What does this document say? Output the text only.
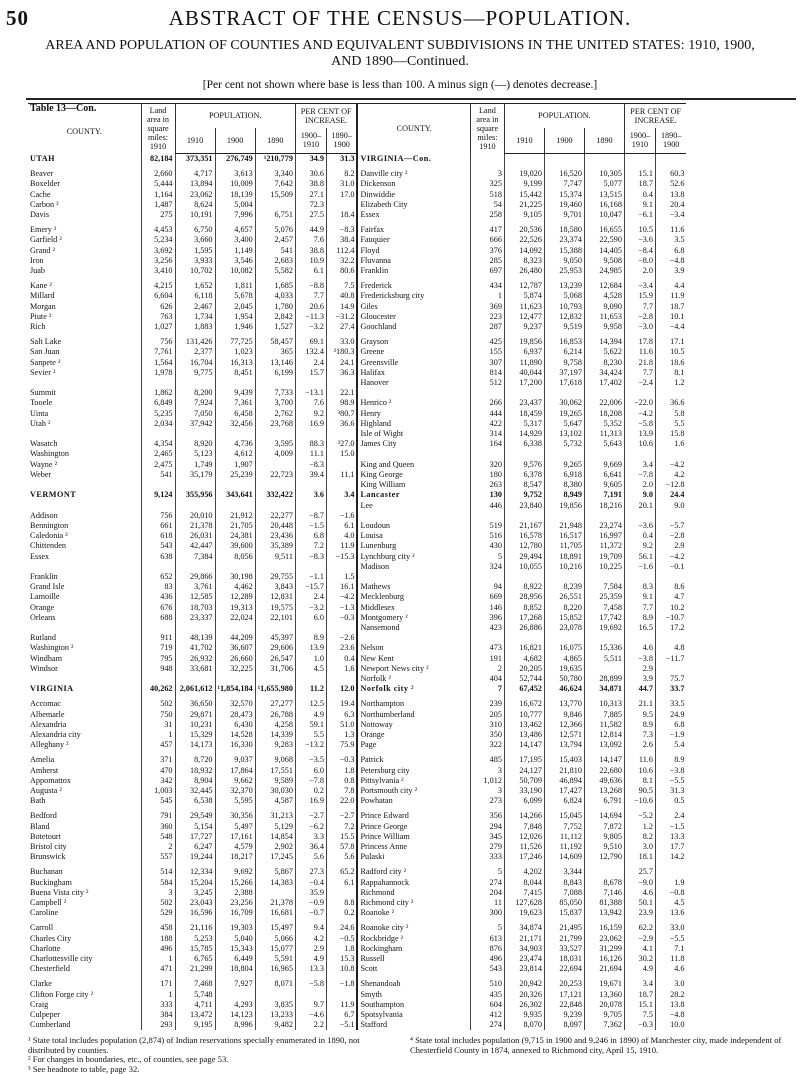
50	ABSTRACT OF THE CENSUS—POPULATION.
AREA AND POPULATION OF COUNTIES AND EQUIVALENT SUBDIVISIONS IN THE UNITED STATES: 1910, 1900,
AND 1890—Continued.
[Per cent not shown where base is less than 100. A minus sign (—) denotes decrease.]
Table 13—Con.
COUNTY.	Land area in square miles: 1910	POPULATION.			PER CENT OF INCREASE.		COUNTY.	Land area in square miles: 1910	POPULATION.			PER CENT OF INCREASE.	
		1910	1900	1890	1900–1910	1890–1900			1910	1900	1890	1900–1910	1890–1900
UTAH	82,184	373,351	276,749	¹210,779	34.9	31.3	VIRGINIA—Con.						

Beaver	2,660	4,717	3,613	3,340	30.6	8.2	Danville city ²	3	19,020	16,520	10,305	15.1	60.3
Boxelder	5,444	13,894	10,009	7,642	38.8	31.0	Dickenson	325	9,199	7,747	5,077	18.7	52.6
Cache	1,164	23,062	18,139	15,509	27.1	17.0	Dinwiddie	518	15,442	15,374	13,515	0.4	13.8
Carbon ²	1,487	8,624	5,004		72.3		Elizabeth City	54	21,225	19,460	16,168	9.1	20.4
Davis	275	10,191	7,996	6,751	27.5	18.4	Essex	258	9,105	9,701	10,047	−6.1	−3.4

Emery ²	4,453	6,750	4,657	5,076	44.9	−8.3	Fairfax	417	20,536	18,580	16,655	10.5	11.6
Garfield ²	5,234	3,660	3,400	2,457	7.6	38.4	Fauquier	666	22,526	23,374	22,590	−3.6	3.5
Grand ²	3,692	1,595	1,149	541	38.8	112.4	Floyd	376	14,092	15,388	14,405	−8.4	6.8
Iron	3,256	3,933	3,546	2,683	10.9	32.2	Fluvanna	285	8,323	9,050	9,508	−8.0	−4.8
Juab	3,410	10,702	10,082	5,582	6.1	80.6	Franklin	697	26,480	25,953	24,985	2.0	3.9

Kane ²	4,215	1,652	1,811	1,685	−8.8	7.5	Frederick	434	12,787	13,239	12,684	−3.4	4.4
Millard	6,604	6,118	5,678	4,033	7.7	40.8	Fredericksburg city	1	5,874	5,068	4,528	15.9	11.9
Morgan	626	2,467	2,045	1,780	20.6	14.9	Giles	369	11,623	10,793	9,090	7.7	18.7
Piute ²	763	1,734	1,954	2,842	−11.3	−31.2	Gloucester	223	12,477	12,832	11,653	−2.8	10.1
Rich	1,027	1,883	1,946	1,527	−3.2	27.4	Goochland	287	9,237	9,519	9,958	−3.0	−4.4

Salt Lake	756	131,426	77,725	58,457	69.1	33.0	Grayson	425	19,856	16,853	14,394	17.8	17.1
San Juan	7,761	2,377	1,023	365	132.4	³180.3	Greene	155	6,937	6,214	5,622	11.6	10.5
Sanpete ²	1,564	16,704	16,313	13,146	2.4	24.1	Greensville	307	11,890	9,758	8,230	21.8	18.6
Sevier ²	1,978	9,775	8,451	6,199	15.7	36.3	Halifax	814	40,044	37,197	34,424	7.7	8.1
							Hanover	512	17,200	17,618	17,402	−2.4	1.2
Summit	1,862	8,200	9,439	7,733	−13.1	22.1							
Tooele	6,849	7,924	7,361	3,700	7.6	98.9	Henrico ²	266	23,437	30,062	22,006	−22.0	36.6
Uinta	5,235	7,050	6,458	2,762	9.2	³80.7	Henry	444	18,459	19,265	18,208	−4.2	5.8
Utah ²	2,034	37,942	32,456	23,768	16.9	36.6	Highland	422	5,317	5,647	5,352	−5.8	5.5
							Isle of Wight	314	14,929	13,102	11,313	13.9	15.8
Wasatch	4,354	8,920	4,736	3,595	88.3	³27.0	James City	164	6,338	5,732	5,643	10.6	1.6
Washington	2,465	5,123	4,612	4,009	11.1	15.0							
Wayne ²	2,475	1,749	1,907		−8.3		King and Queen	320	9,576	9,265	9,669	3.4	−4.2
Weber	541	35,179	25,239	22,723	39.4	11.1	King George	180	6,378	6,918	6,641	−7.8	4.2
							King William	263	8,547	8,380	9,605	2.0	−12.8
VERMONT	9,124	355,956	343,641	332,422	3.6	3.4	Lancaster	130	9,752	8,949	7,191	9.0	24.4
							Lee	446	23,840	19,856	18,216	20.1	9.0
Addison	756	20,010	21,912	22,277	−8.7	−1.6							
Bennington	661	21,378	21,705	20,448	−1.5	6.1	Loudoun	519	21,167	21,948	23,274	−3.6	−5.7
Caledonia ²	618	26,031	24,381	23,436	6.8	4.0	Louisa	516	16,578	16,517	16,997	0.4	−2.8
Chittenden	543	42,447	39,600	35,389	7.2	11.9	Lunenburg	430	12,780	11,705	11,372	9.2	2.9
Essex	638	7,384	8,056	9,511	−8.3	−15.3	Lynchburg city ²	5	29,494	18,891	19,709	56.1	−4.2
							Madison	324	10,055	10,216	10,225	−1.6	−0.1
Franklin	652	29,866	30,198	29,755	−1.1	1.5							
Grand Isle	83	3,761	4,462	3,843	−15.7	16.1	Mathews	94	8,922	8,239	7,584	8.3	8.6
Lamoille	436	12,585	12,289	12,831	2.4	−4.2	Mecklenburg	669	28,956	26,551	25,359	9.1	4.7
Orange	676	18,703	19,313	19,575	−3.2	−1.3	Middlesex	146	8,852	8,220	7,458	7.7	10.2
Orleans	688	23,337	22,024	22,101	6.0	−0.3	Montgomery ²	396	17,268	15,852	17,742	8.9	−10.7
							Nansemond	423	26,886	23,078	19,692	16.5	17.2
Rutland	911	48,139	44,209	45,397	8.9	−2.6							
Washington ²	719	41,702	36,607	29,606	13.9	23.6	Nelson	473	16,821	16,075	15,336	4.6	4.8
Windham	795	26,932	26,660	26,547	1.0	0.4	New Kent	191	4,682	4,865	5,511	−3.8	−11.7
Windsor	948	33,681	32,225	31,706	4.5	1.6	Newport News city ²	2	20,205	19,635		2.9	
							Norfolk ²	404	52,744	50,780	28,899	3.9	75.7
VIRGINIA	40,262	2,061,612	¹1,854,184	¹1,655,980	11.2	12.0	Norfolk city ²	7	67,452	46,624	34,871	44.7	33.7

Accomac	502	36,650	32,570	27,277	12.5	19.4	Northampton	239	16,672	13,770	10,313	21.1	33.5
Albemarle	750	29,871	28,473	26,788	4.9	6.3	Northumberland	205	10,777	9,846	7,885	9.5	24.9
Alexandria	31	10,231	6,430	4,258	59.1	51.0	Nottoway	310	13,462	12,366	11,582	8.9	6.8
Alexandria city	1	15,329	14,528	14,339	5.5	1.3	Orange	350	13,486	12,571	12,814	7.3	−1.9
Alleghany ²	457	14,173	16,330	9,283	−13.2	75.9	Page	322	14,147	13,794	13,092	2.6	5.4

Amelia	371	8,720	9,037	9,068	−3.5	−0.3	Patrick	485	17,195	15,403	14,147	11.6	8.9
Amherst	470	18,932	17,864	17,551	6.0	1.8	Petersburg city	3	24,127	21,810	22,680	10.6	−3.8
Appomattox	342	8,904	9,662	9,589	−7.8	0.8	Pittsylvania ²	1,012	50,709	46,894	49,636	8.1	−5.5
Augusta ²	1,003	32,445	32,370	30,030	0.2	7.8	Portsmouth city ²	3	33,190	17,427	13,268	90.5	31.3
Bath	545	6,538	5,595	4,587	16.9	22.0	Powhatan	273	6,099	6,824	6,791	−10.6	0.5

Bedford	791	29,549	30,356	31,213	−2.7	−2.7	Prince Edward	356	14,266	15,045	14,694	−5.2	2.4
Bland	360	5,154	5,497	5,129	−6.2	7.2	Prince George	294	7,848	7,752	7,872	1.2	−1.5
Botetourt	548	17,727	17,161	14,854	3.3	15.5	Prince William	345	12,026	11,112	9,805	8.2	13.3
Bristol city	2	6,247	4,579	2,902	36.4	57.8	Princess Anne	279	11,526	11,192	9,510	3.0	17.7
Brunswick	557	19,244	18,217	17,245	5.6	5.6	Pulaski	333	17,246	14,609	12,790	18.1	14.2

Buchanan	514	12,334	9,692	5,867	27.3	65.2	Radford city ²	5	4,202	3,344		25.7	
Buckingham	584	15,204	15,266	14,383	−0.4	6.1	Rappahannock	274	8,044	8,843	8,678	−9.0	1.9
Buena Vista city ²	3	3,245	2,388		35.9		Richmond	204	7,415	7,088	7,146	4.6	−0.8
Campbell ²	502	23,043	23,256	21,378	−0.9	8.8	Richmond city ²	11	127,628	85,050	81,388	50.1	4.5
Caroline	529	16,596	16,709	16,681	−0.7	0.2	Roanoke ²	300	19,623	15,837	13,942	23.9	13.6

Carroll	458	21,116	19,303	15,497	9.4	24.6	Roanoke city ²	5	34,874	21,495	16,159	62.2	33.0
Charles City	188	5,253	5,040	5,066	4.2	−0.5	Rockbridge ²	613	21,171	21,799	23,062	−2.9	−5.5
Charlotte	496	15,785	15,343	15,077	2.9	1.8	Rockingham	876	34,903	33,527	31,299	4.1	7.1
Charlottesville city	1	6,765	6,449	5,591	4.9	15.3	Russell	496	23,474	18,031	16,126	30.2	11.8
Chesterfield	471	21,299	18,804	16,965	13.3	10.8	Scott	543	23,814	22,694	21,694	4.9	4.6

Clarke	171	7,468	7,927	8,071	−5.8	−1.8	Shenandoah	510	20,942	20,253	19,671	3.4	3.0
Clifton Forge city ²	1	5,748					Smyth	435	20,326	17,121	13,360	18.7	28.2
Craig	333	4,711	4,293	3,835	9.7	11.9	Southampton	604	26,302	22,848	20,078	15.1	13.8
Culpeper	384	13,472	14,123	13,233	−4.6	6.7	Spotsylvania	412	9,935	9,239	9,705	7.5	−4.8
Cumberland	293	9,195	8,996	9,482	2.2	−5.1	Stafford	274	8,070	8,097	7,362	−0.3	10.0
¹ State total includes population (2,874) of Indian reservations specially enumerated in 1890, not distributed by counties.
² For changes in boundaries, etc., of counties, see page 53.
³ See headnote to table, page 32.
⁴ State total includes population (9,715 in 1900 and 9,246 in 1890) of Manchester city, made independent of Chesterfield County in 1874, annexed to Richmond city, April 15, 1910.
